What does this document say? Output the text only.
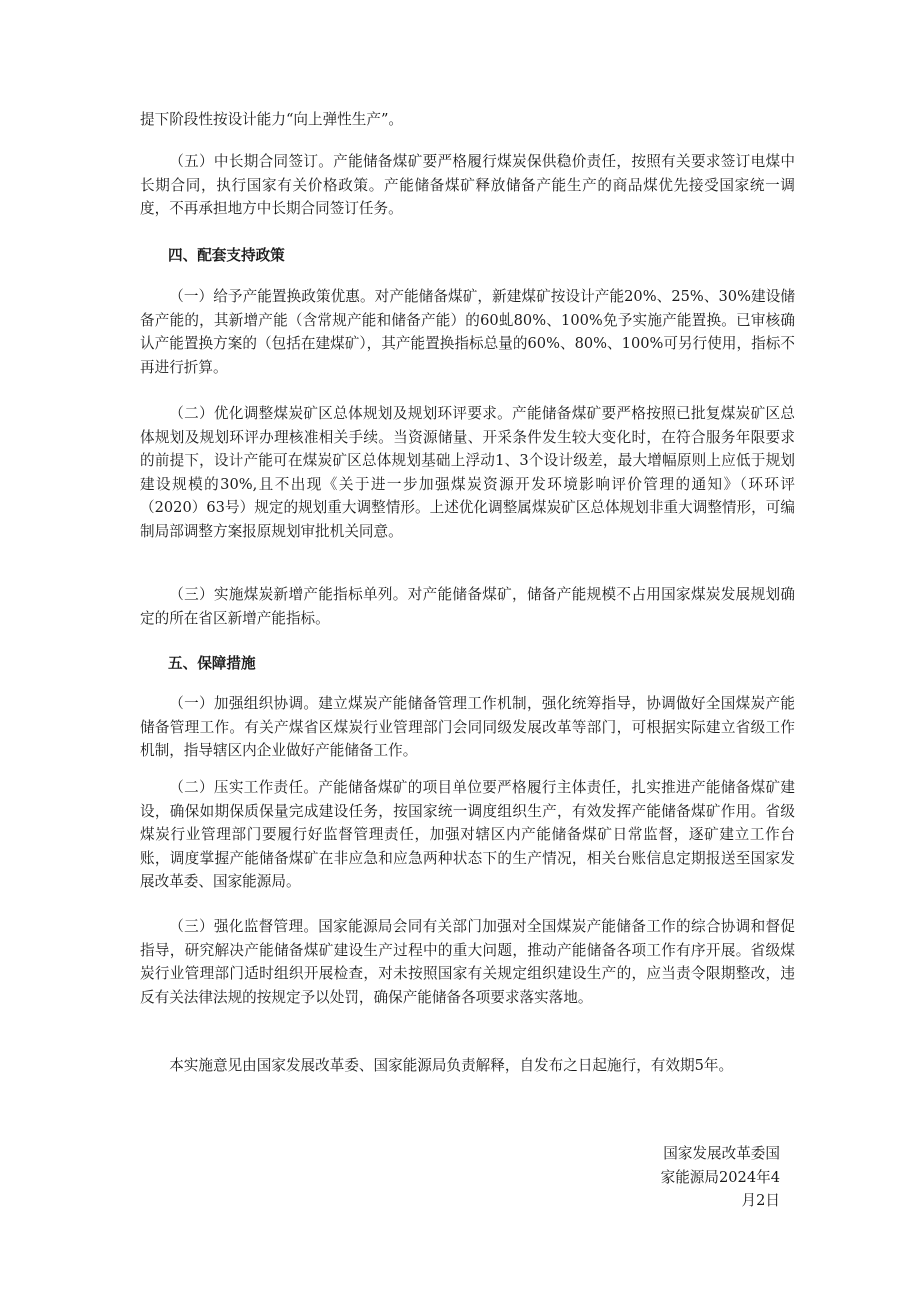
提下阶段性按设计能力“向上弹性生产”。

（五）中长期合同签订。产能储备煤矿要严格履行煤炭保供稳价责任，按照有关要求签订电煤中长期合同，执行国家有关价格政策。产能储备煤矿释放储备产能生产的商品煤优先接受国家统一调度，不再承担地方中长期合同签订任务。

四、配套支持政策

（一）给予产能置换政策优惠。对产能储备煤矿，新建煤矿按设计产能20%、25%、30%建设储备产能的，其新增产能（含常规产能和储备产能）的60虬80%、100%免予实施产能置换。已审核确认产能置换方案的（包括在建煤矿），其产能置换指标总量的60%、80%、100%可另行使用，指标不再进行折算。

（二）优化调整煤炭矿区总体规划及规划环评要求。产能储备煤矿要严格按照已批复煤炭矿区总体规划及规划环评办理核准相关手续。当资源储量、开采条件发生较大变化时，在符合服务年限要求的前提下，设计产能可在煤炭矿区总体规划基础上浮动1、3个设计级差，最大增幅原则上应低于规划建设规模的30%,且不出现《关于进一步加强煤炭资源开发环境影响评价管理的通知》（环环评（2020）63号）规定的规划重大调整情形。上述优化调整属煤炭矿区总体规划非重大调整情形，可编制局部调整方案报原规划审批机关同意。

（三）实施煤炭新增产能指标单列。对产能储备煤矿，储备产能规模不占用国家煤炭发展规划确定的所在省区新增产能指标。

五、保障措施

（一）加强组织协调。建立煤炭产能储备管理工作机制，强化统筹指导，协调做好全国煤炭产能储备管理工作。有关产煤省区煤炭行业管理部门会同同级发展改革等部门，可根据实际建立省级工作机制，指导辖区内企业做好产能储备工作。

（二）压实工作责任。产能储备煤矿的项目单位要严格履行主体责任，扎实推进产能储备煤矿建设，确保如期保质保量完成建设任务，按国家统一调度组织生产，有效发挥产能储备煤矿作用。省级煤炭行业管理部门要履行好监督管理责任，加强对辖区内产能储备煤矿日常监督，逐矿建立工作台账，调度掌握产能储备煤矿在非应急和应急两种状态下的生产情况，相关台账信息定期报送至国家发展改革委、国家能源局。

（三）强化监督管理。国家能源局会同有关部门加强对全国煤炭产能储备工作的综合协调和督促指导，研究解决产能储备煤矿建设生产过程中的重大问题，推动产能储备各项工作有序开展。省级煤炭行业管理部门适时组织开展检查，对未按照国家有关规定组织建设生产的，应当责令限期整改，违反有关法律法规的按规定予以处罚，确保产能储备各项要求落实落地。

本实施意见由国家发展改革委、国家能源局负责解释，自发布之日起施行，有效期5年。

国家发展改革委国
家能源局2024年4
月2日
